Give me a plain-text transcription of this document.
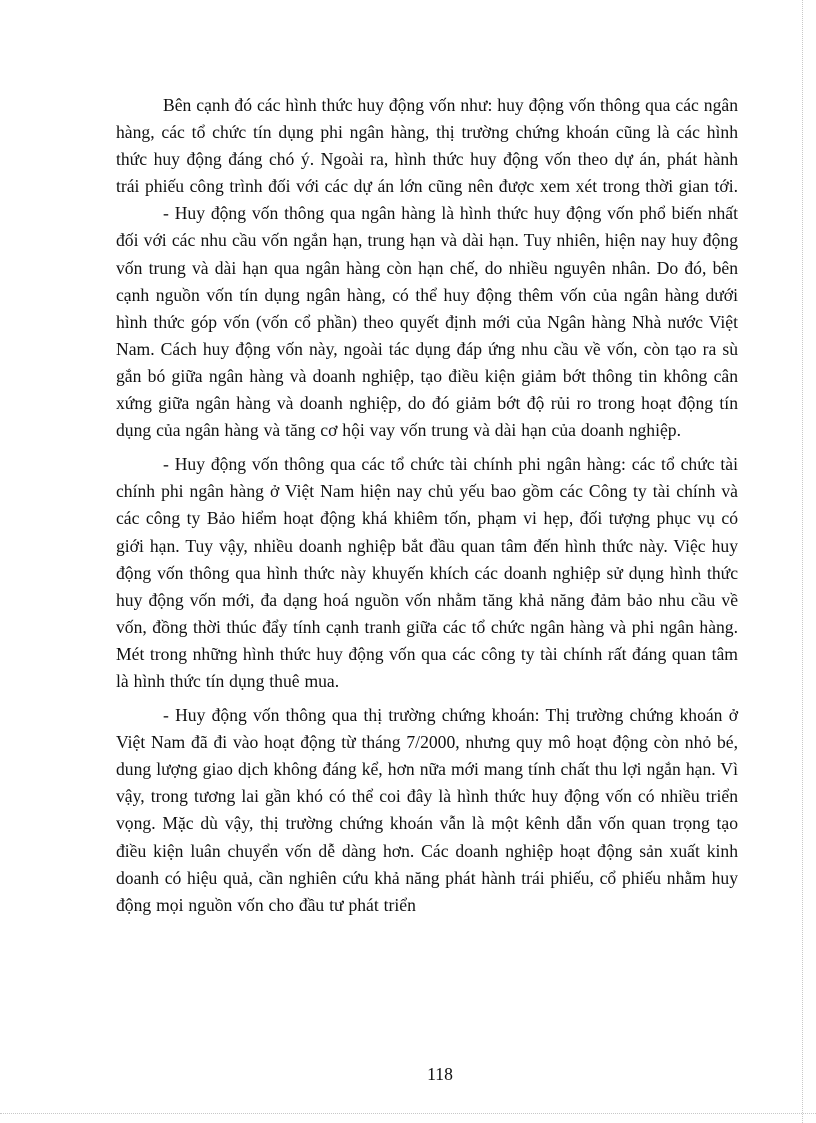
Bên cạnh đó các hình thức huy động vốn như: huy động vốn thông qua các ngân hàng, các tổ chức tín dụng phi ngân hàng, thị trường chứng khoán cũng là các hình thức huy động đáng chó ý. Ngoài ra, hình thức huy động vốn theo dự án, phát hành trái phiếu công trình đối với các dự án lớn cũng nên được xem xét trong thời gian tới.

- Huy động vốn thông qua ngân hàng là hình thức huy động vốn phổ biến nhất đối với các nhu cầu vốn ngắn hạn, trung hạn và dài hạn. Tuy nhiên, hiện nay huy động vốn trung và dài hạn qua ngân hàng còn hạn chế, do nhiều nguyên nhân. Do đó, bên cạnh nguồn vốn tín dụng ngân hàng, có thể huy động thêm vốn của ngân hàng dưới hình thức góp vốn (vốn cổ phần) theo quyết định mới của Ngân hàng Nhà nước Việt Nam. Cách huy động vốn này, ngoài tác dụng đáp ứng nhu cầu về vốn, còn tạo ra sù gắn bó giữa ngân hàng và doanh nghiệp, tạo điều kiện giảm bớt thông tin không cân xứng giữa ngân hàng và doanh nghiệp, do đó giảm bớt độ rủi ro trong hoạt động tín dụng của ngân hàng và tăng cơ hội vay vốn trung và dài hạn của doanh nghiệp.

- Huy động vốn thông qua các tổ chức tài chính phi ngân hàng: các tổ chức tài chính phi ngân hàng ở Việt Nam hiện nay chủ yếu bao gồm các Công ty tài chính và các công ty Bảo hiểm hoạt động khá khiêm tốn, phạm vi hẹp, đối tượng phục vụ có giới hạn. Tuy vậy, nhiều doanh nghiệp bắt đầu quan tâm đến hình thức này. Việc huy động vốn thông qua hình thức này khuyến khích các doanh nghiệp sử dụng hình thức huy động vốn mới, đa dạng hoá nguồn vốn nhằm tăng khả năng đảm bảo nhu cầu về vốn, đồng thời thúc đẩy tính cạnh tranh giữa các tổ chức ngân hàng và phi ngân hàng. Mét trong những hình thức huy động vốn qua các công ty tài chính rất đáng quan tâm là hình thức tín dụng thuê mua.

- Huy động vốn thông qua thị trường chứng khoán: Thị trường chứng khoán ở Việt Nam đã đi vào hoạt động từ tháng 7/2000, nhưng quy mô hoạt động còn nhỏ bé, dung lượng giao dịch không đáng kể, hơn nữa mới mang tính chất thu lợi ngắn hạn. Vì vậy, trong tương lai gần khó có thể coi đây là hình thức huy động vốn có nhiều triển vọng. Mặc dù vậy, thị trường chứng khoán vẫn là một kênh dẫn vốn quan trọng tạo điều kiện luân chuyển vốn dễ dàng hơn. Các doanh nghiệp hoạt động sản xuất kinh doanh có hiệu quả, cần nghiên cứu khả năng phát hành trái phiếu, cổ phiếu nhằm huy động mọi nguồn vốn cho đầu tư phát triển

118
